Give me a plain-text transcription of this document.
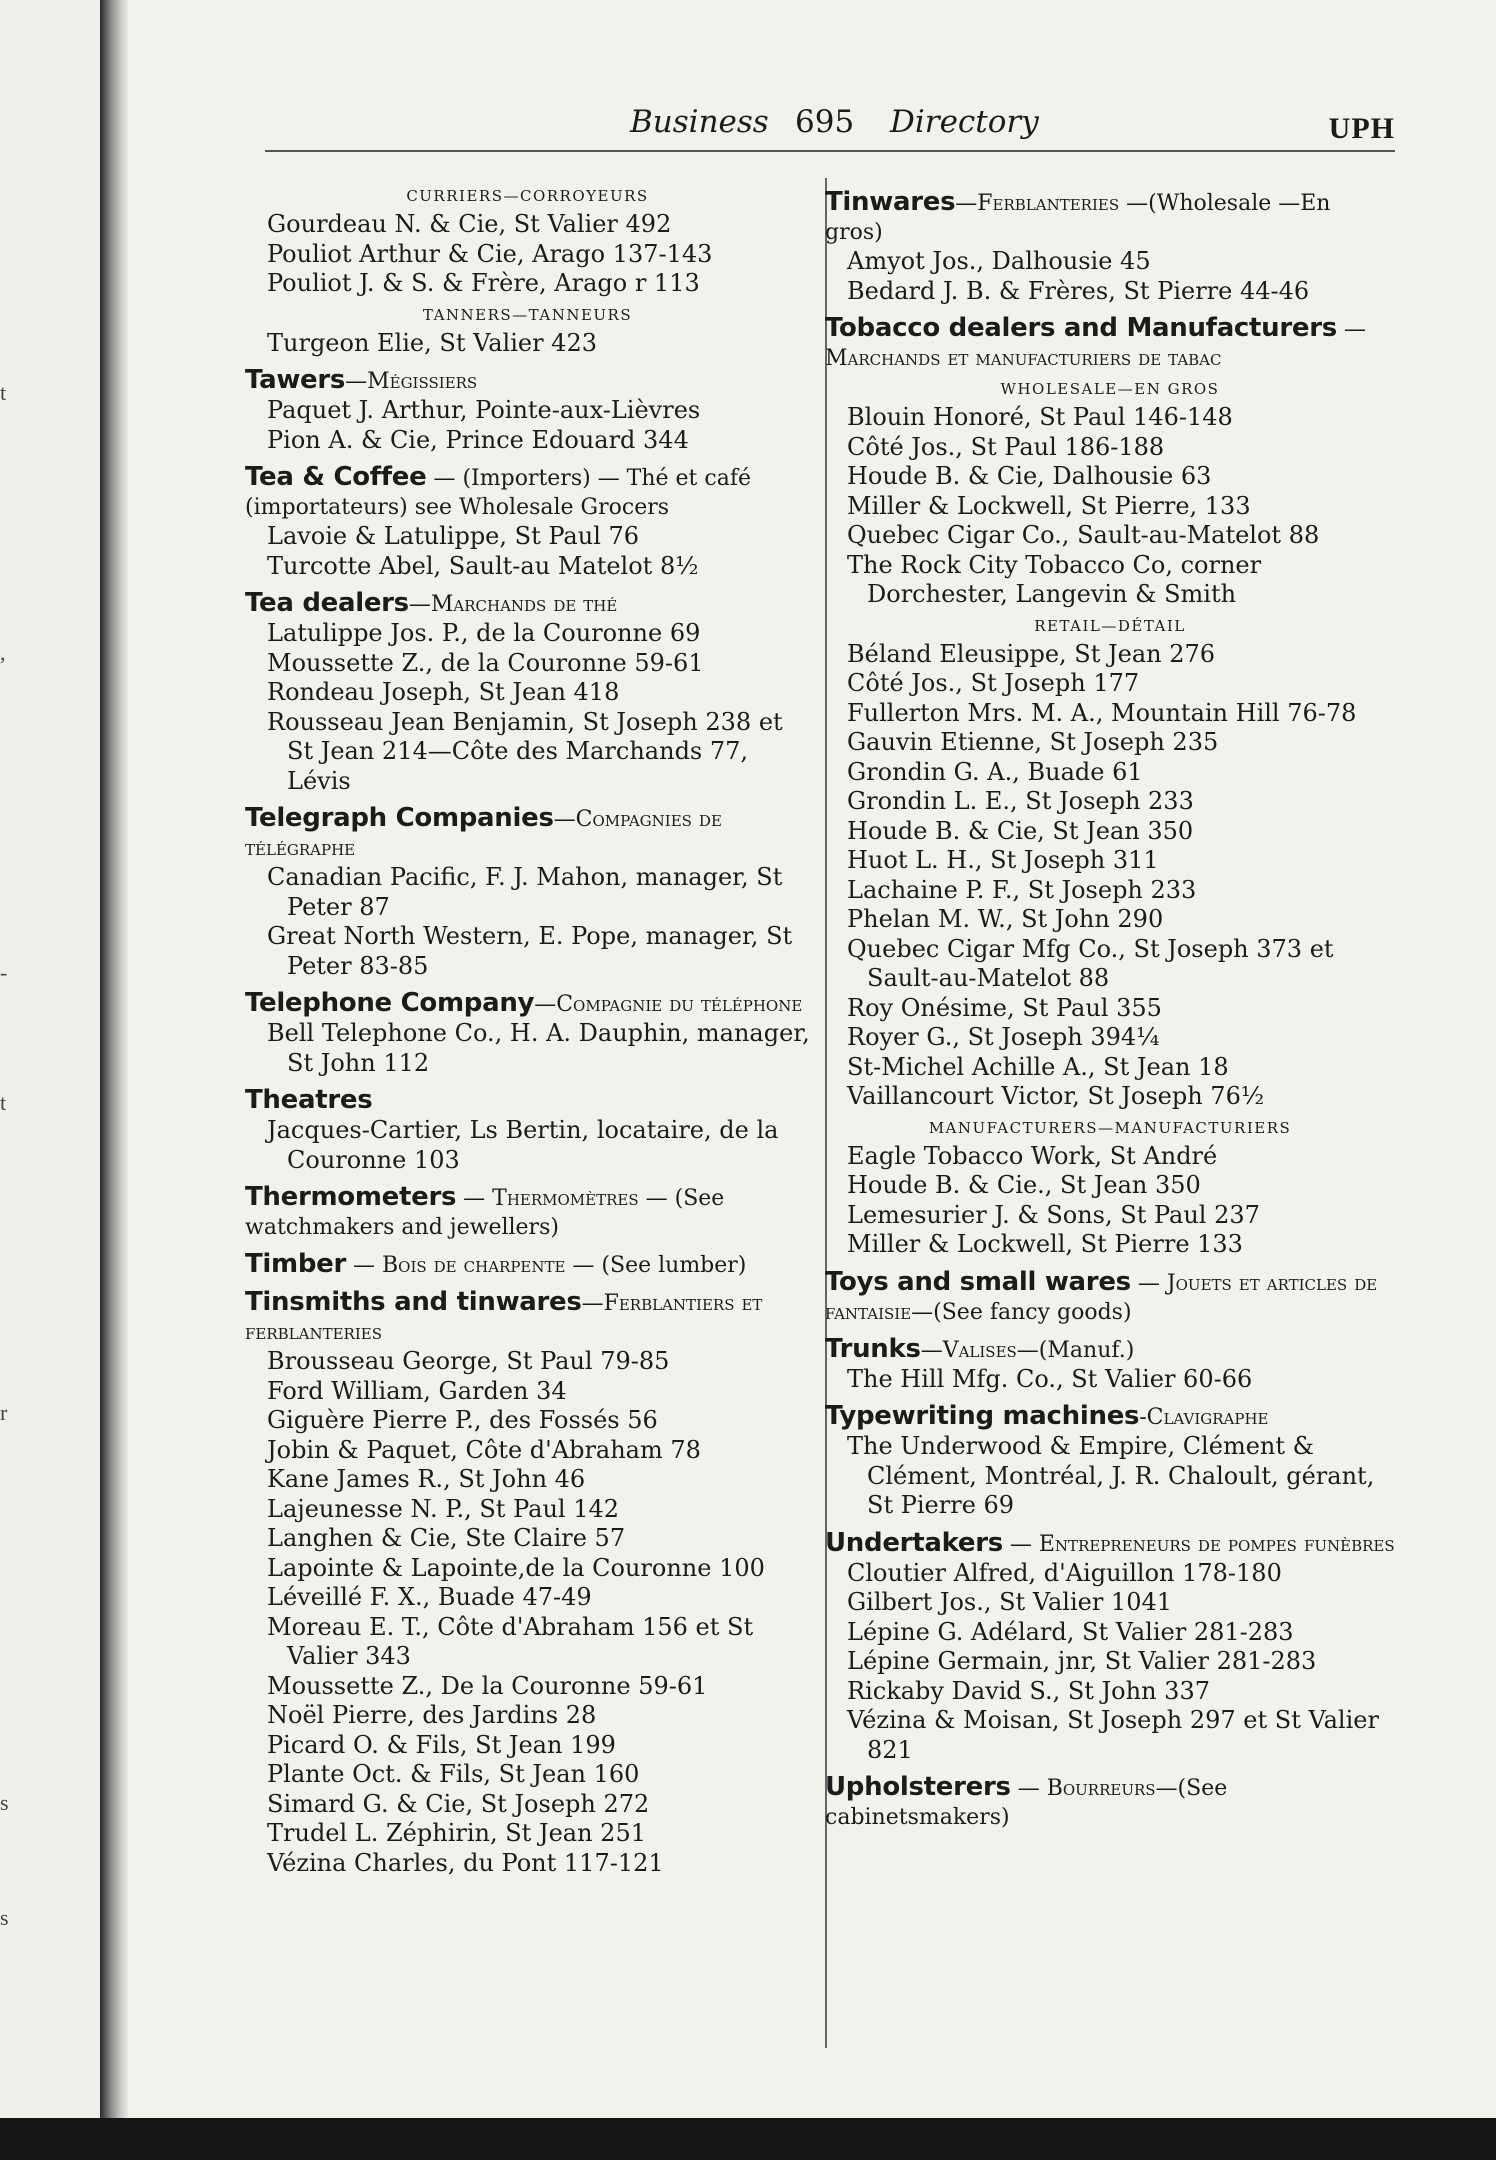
t
,
-
t
r
s
s
Business 695 Directory	UPH
CURRIERS—CORROYEURS
Gourdeau N. & Cie, St Valier 492
Pouliot Arthur & Cie, Arago 137-143
Pouliot J. & S. & Frère, Arago r 113
TANNERS—TANNEURS
Turgeon Elie, St Valier 423
Tawers—Mégissiers
Paquet J. Arthur, Pointe-aux-Lièvres
Pion A. & Cie, Prince Edouard 344
Tea & Coffee — (Importers) — Thé et café (importateurs) see Wholesale Grocers
Lavoie & Latulippe, St Paul 76
Turcotte Abel, Sault-au Matelot 8½
Tea dealers—Marchands de thé
Latulippe Jos. P., de la Couronne 69
Moussette Z., de la Couronne 59-61
Rondeau Joseph, St Jean 418
Rousseau Jean Benjamin, St Joseph 238 et St Jean 214—Côte des Marchands 77, Lévis
Telegraph Companies—Compagnies de télégraphe
Canadian Pacific, F. J. Mahon, manager, St Peter 87
Great North Western, E. Pope, manager, St Peter 83-85
Telephone Company—Compagnie du téléphone
Bell Telephone Co., H. A. Dauphin, manager, St John 112
Theatres
Jacques-Cartier, Ls Bertin, locataire, de la Couronne 103
Thermometers — Thermomètres — (See watchmakers and jewellers)
Timber — Bois de charpente — (See lumber)
Tinsmiths and tinwares—Ferblantiers et ferblanteries
Brousseau George, St Paul 79-85
Ford William, Garden 34
Giguère Pierre P., des Fossés 56
Jobin & Paquet, Côte d'Abraham 78
Kane James R., St John 46
Lajeunesse N. P., St Paul 142
Langhen & Cie, Ste Claire 57
Lapointe & Lapointe,de la Couronne 100
Léveillé F. X., Buade 47-49
Moreau E. T., Côte d'Abraham 156 et St Valier 343
Moussette Z., De la Couronne 59-61
Noël Pierre, des Jardins 28
Picard O. & Fils, St Jean 199
Plante Oct. & Fils, St Jean 160
Simard G. & Cie, St Joseph 272
Trudel L. Zéphirin, St Jean 251
Vézina Charles, du Pont 117-121
Tinwares—Ferblanteries —(Wholesale —En gros)
Amyot Jos., Dalhousie 45
Bedard J. B. & Frères, St Pierre 44-46
Tobacco dealers and Manufacturers — Marchands et manufacturiers de tabac
WHOLESALE—EN GROS
Blouin Honoré, St Paul 146-148
Côté Jos., St Paul 186-188
Houde B. & Cie, Dalhousie 63
Miller & Lockwell, St Pierre, 133
Quebec Cigar Co., Sault-au-Matelot 88
The Rock City Tobacco Co, corner Dorchester, Langevin & Smith
RETAIL—DÉTAIL
Béland Eleusippe, St Jean 276
Côté Jos., St Joseph 177
Fullerton Mrs. M. A., Mountain Hill 76-78
Gauvin Etienne, St Joseph 235
Grondin G. A., Buade 61
Grondin L. E., St Joseph 233
Houde B. & Cie, St Jean 350
Huot L. H., St Joseph 311
Lachaine P. F., St Joseph 233
Phelan M. W., St John 290
Quebec Cigar Mfg Co., St Joseph 373 et Sault-au-Matelot 88
Roy Onésime, St Paul 355
Royer G., St Joseph 394¼
St-Michel Achille A., St Jean 18
Vaillancourt Victor, St Joseph 76½
MANUFACTURERS—MANUFACTURIERS
Eagle Tobacco Work, St André
Houde B. & Cie., St Jean 350
Lemesurier J. & Sons, St Paul 237
Miller & Lockwell, St Pierre 133
Toys and small wares — Jouets et articles de fantaisie—(See fancy goods)
Trunks—Valises—(Manuf.)
The Hill Mfg. Co., St Valier 60-66
Typewriting machines-Clavigraphe
The Underwood & Empire, Clément & Clément, Montréal, J. R. Chaloult, gérant, St Pierre 69
Undertakers — Entrepreneurs de pompes funèbres
Cloutier Alfred, d'Aiguillon 178-180
Gilbert Jos., St Valier 1041
Lépine G. Adélard, St Valier 281-283
Lépine Germain, jnr, St Valier 281-283
Rickaby David S., St John 337
Vézina & Moisan, St Joseph 297 et St Valier 821
Upholsterers — Bourreurs—(See cabinetsmakers)
